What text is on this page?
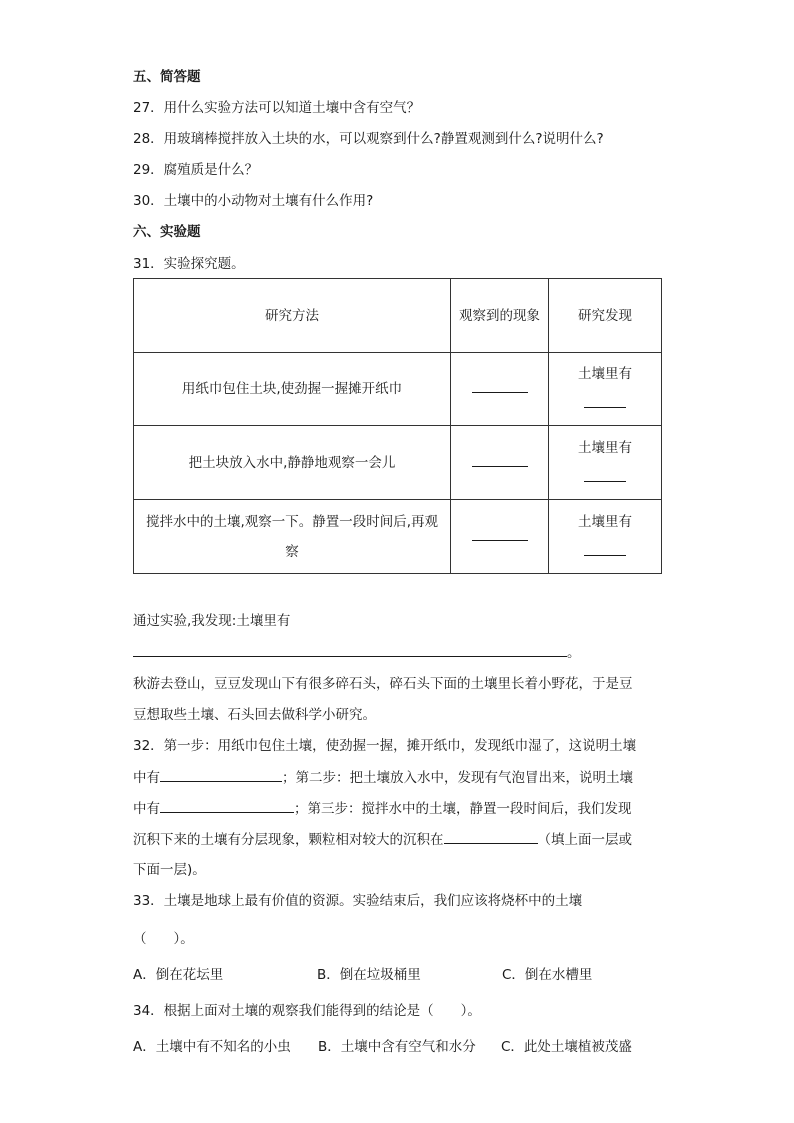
五、简答题
27．用什么实验方法可以知道土壤中含有空气？
28．用玻璃棒搅拌放入土块的水，可以观察到什么?静置观测到什么?说明什么?
29．腐殖质是什么？
30．土壤中的小动物对土壤有什么作用?
六、实验题
31．实验探究题。
研究方法	观察到的现象	研究发现
用纸巾包住土块,使劲握一握摊开纸巾		土壤里有

把土块放入水中,静静地观察一会儿		土壤里有

搅拌水中的土壤,观察一下。静置一段时间后,再观察		土壤里有

通过实验,我发现:土壤里有
。
秋游去登山，豆豆发现山下有很多碎石头，碎石头下面的土壤里长着小野花，于是豆
豆想取些土壤、石头回去做科学小研究。
32．第一步：用纸巾包住土壤，使劲握一握，摊开纸巾，发现纸巾湿了，这说明土壤
中有	；第二步：把土壤放入水中，发现有气泡冒出来，说明土壤
中有	；第三步：搅拌水中的土壤，静置一段时间后，我们发现
沉积下来的土壤有分层现象，颗粒相对较大的沉积在	（填上面一层或
下面一层)。
33．土壤是地球上最有价值的资源。实验结束后，我们应该将烧杯中的土壤
（　　）。
A．倒在花坛里	B．倒在垃圾桶里	C．倒在水槽里
34．根据上面对土壤的观察我们能得到的结论是（　　）。
A．土壤中有不知名的小虫 B．土壤中含有空气和水分 C．此处土壤植被茂盛
